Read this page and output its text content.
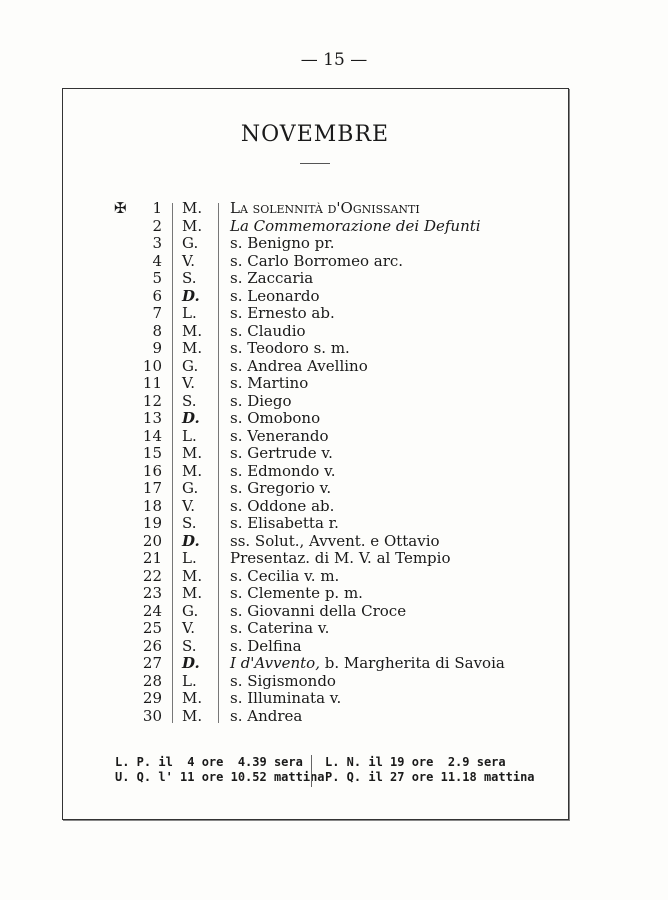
— 15 —
NOVEMBRE
✠	1 M. La solennità d'Ognissanti
2 M. La Commemorazione dei Defunti
3 G. s. Benigno pr.
4 V. s. Carlo Borromeo arc.
5 S. s. Zaccaria
6 D. s. Leonardo
7 L. s. Ernesto ab.
8 M. s. Claudio
9 M. s. Teodoro s. m.
10 G. s. Andrea Avellino
11 V. s. Martino
12 S. s. Diego
13 D. s. Omobono
14 L. s. Venerando
15 M. s. Gertrude v.
16 M. s. Edmondo v.
17 G. s. Gregorio v.
18 V. s. Oddone ab.
19 S. s. Elisabetta r.
20 D. ss. Solut., Avvent. e Ottavio
21 L. Presentaz. di M. V. al Tempio
22 M. s. Cecilia v. m.
23 M. s. Clemente p. m.
24 G. s. Giovanni della Croce
25 V. s. Caterina v.
26 S. s. Delfina
27 D. I d'Avvento, b. Margherita di Savoia
28 L. s. Sigismondo
29 M. s. Illuminata v.
30 M. s. Andrea
L. P. il  4 ore  4.39 sera
U. Q. l' 11 ore 10.52 mattina
L. N. il 19 ore  2.9 sera
P. Q. il 27 ore 11.18 mattina
